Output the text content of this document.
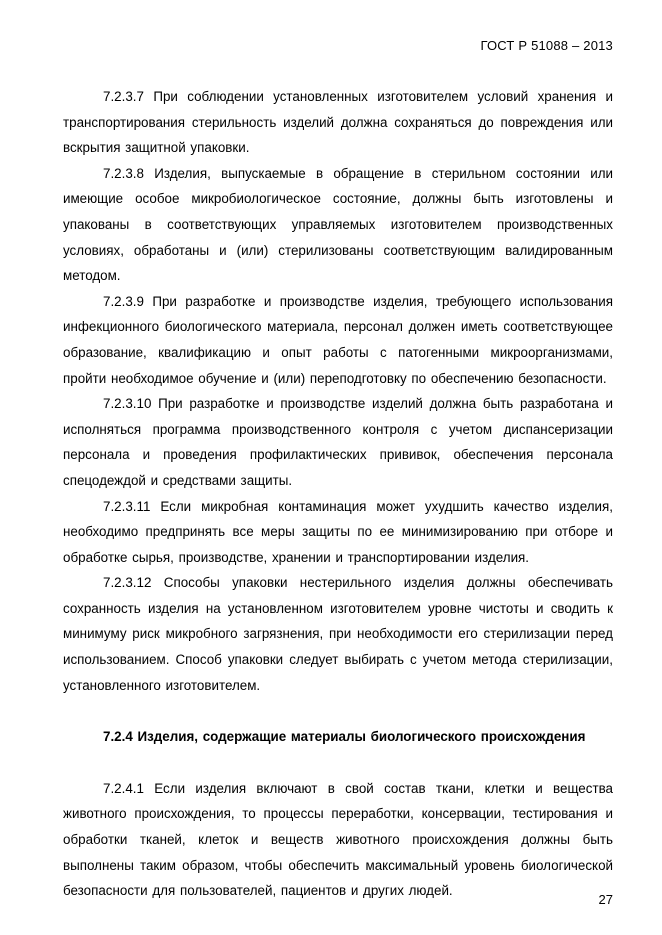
ГОСТ Р 51088 – 2013

7.2.3.7 При соблюдении установленных изготовителем условий хранения и транспортирования стерильность изделий должна сохраняться до повреждения или вскрытия защитной упаковки.

7.2.3.8 Изделия, выпускаемые в обращение в стерильном состоянии или имеющие особое микробиологическое состояние, должны быть изготовлены и упакованы в соответствующих управляемых изготовителем производственных условиях, обработаны и (или) стерилизованы соответствующим валидированным методом.

7.2.3.9 При разработке и производстве изделия, требующего использования инфекционного биологического материала, персонал должен иметь соответствующее образование, квалификацию и опыт работы с патогенными микроорганизмами, пройти необходимое обучение и (или) переподготовку по обеспечению безопасности.

7.2.3.10 При разработке и производстве изделий должна быть разработана и исполняться программа производственного контроля с учетом диспансеризации персонала и проведения профилактических прививок, обеспечения персонала спецодеждой и средствами защиты.

7.2.3.11 Если микробная контаминация может ухудшить качество изделия, необходимо предпринять все меры защиты по ее минимизированию при отборе и обработке сырья, производстве, хранении и транспортировании изделия.

7.2.3.12 Способы упаковки нестерильного изделия должны обеспечивать сохранность изделия на установленном изготовителем уровне чистоты и сводить к минимуму риск микробного загрязнения, при необходимости его стерилизации перед использованием. Способ упаковки следует выбирать с учетом метода стерилизации, установленного изготовителем.

7.2.4 Изделия, содержащие материалы биологического происхождения

7.2.4.1 Если изделия включают в свой состав ткани, клетки и вещества животного происхождения, то процессы переработки, консервации, тестирования и обработки тканей, клеток и веществ животного происхождения должны быть выполнены таким образом, чтобы обеспечить максимальный уровень биологической безопасности для пользователей, пациентов и других людей.

27
